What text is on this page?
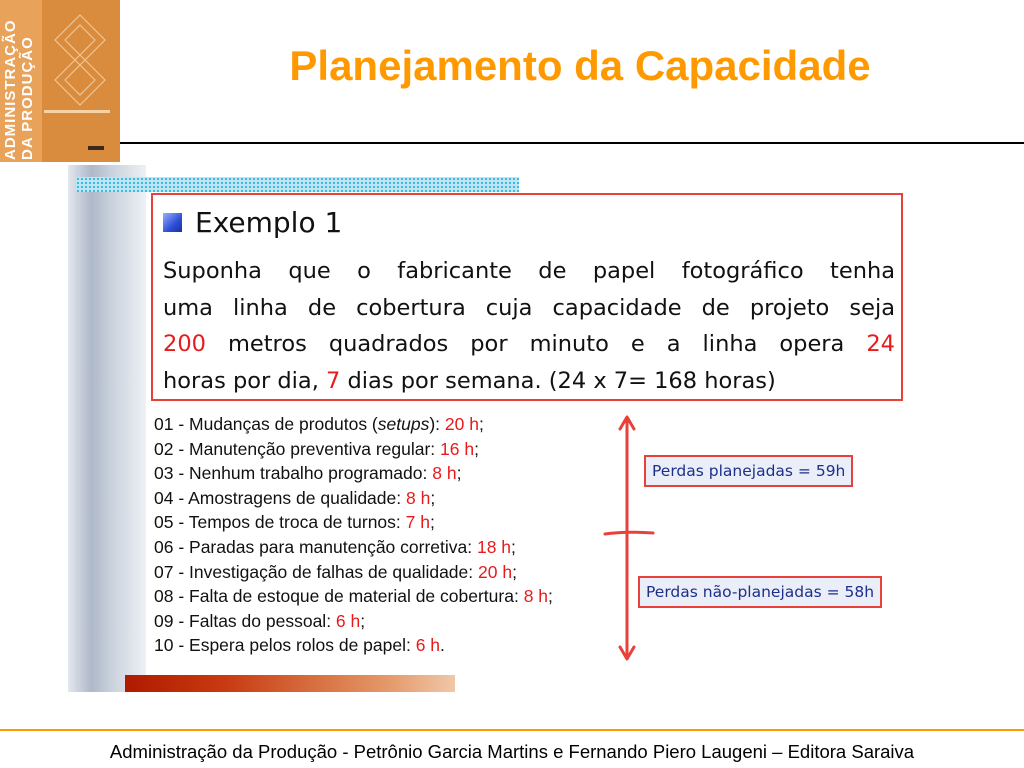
ADMINISTRAÇÃO DA PRODUÇÃO	Planejamento da Capacidade
Exemplo 1
Suponha que o fabricante de papel fotográfico tenha
uma linha de cobertura cuja capacidade de projeto seja
200 metros quadrados por minuto e a linha opera 24
horas por dia, 7 dias por semana. (24 x 7= 168 horas)
01 - Mudanças de produtos (setups): 20 h;
02 - Manutenção preventiva regular: 16 h;
03 - Nenhum trabalho programado: 8 h;
04 - Amostragens de qualidade: 8 h;
05 - Tempos de troca de turnos: 7 h;
06 - Paradas para manutenção corretiva: 18 h;
07 - Investigação de falhas de qualidade: 20 h;
08 - Falta de estoque de material de cobertura: 8 h;
09 - Faltas do pessoal: 6 h;
10 - Espera pelos rolos de papel: 6 h.
Perdas planejadas = 59h
Perdas não-planejadas = 58h
Administração da Produção - Petrônio Garcia Martins e Fernando Piero Laugeni – Editora Saraiva
